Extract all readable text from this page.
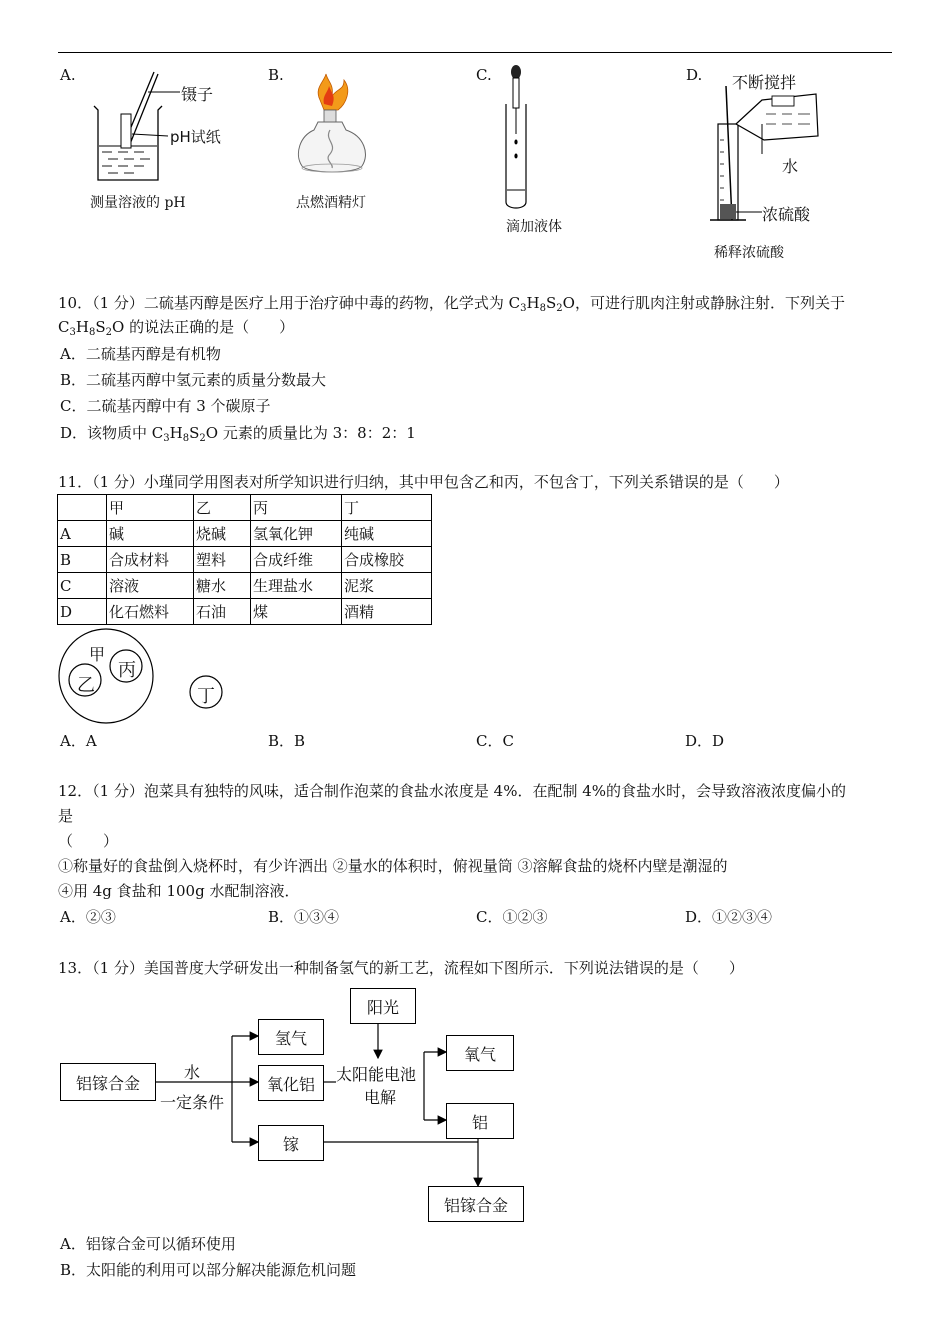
A.	B.	C.	D.
镊子
pH试纸
测量溶液的 pH	点燃酒精灯
滴加液体
不断搅拌
水
浓硫酸
稀释浓硫酸
10．（1 分）二硫基丙醇是医疗上用于治疗砷中毒的药物，化学式为 $C_3H_8S_2O$，可进行肌肉注射或静脉注射．下列关于
$C_3H_8S_2O$ 的说法正确的是（　　）
A．二硫基丙醇是有机物
B．二硫基丙醇中氢元素的质量分数最大
C．二硫基丙醇中有 3 个碳原子
D．该物质中 $C_3H_8S_2O$ 元素的质量比为 3：8：2：1
11．（1 分）小瑾同学用图表对所学知识进行归纳，其中甲包含乙和丙，不包含丁，下列关系错误的是（　　）
	甲	乙	丙	丁
A	碱	烧碱	氢氧化钾	纯碱
B	合成材料	塑料	合成纤维	合成橡胶
C	溶液	糖水	生理盐水	泥浆
D	化石燃料	石油	煤	酒精
甲
乙
丙
丁
A．A	B．B	C．C	D．D
12．（1 分）泡菜具有独特的风味，适合制作泡菜的食盐水浓度是 4%．在配制 4%的食盐水时，会导致溶液浓度偏小的
是
（　　）
①称量好的食盐倒入烧杯时，有少许洒出 ②量水的体积时，俯视量筒 ③溶解食盐的烧杯内壁是潮湿的
④用 4g 食盐和 100g 水配制溶液．
A．②③	B．①③④	C．①②③	D．①②③④
13．（1 分）美国普度大学研发出一种制备氢气的新工艺，流程如下图所示．下列说法错误的是（　　）
铝镓合金
水
一定条件
氢气
氧化铝
镓
阳光
太阳能电池
电解
氧气
铝
铝镓合金
A．铝镓合金可以循环使用
B．太阳能的利用可以部分解决能源危机问题
